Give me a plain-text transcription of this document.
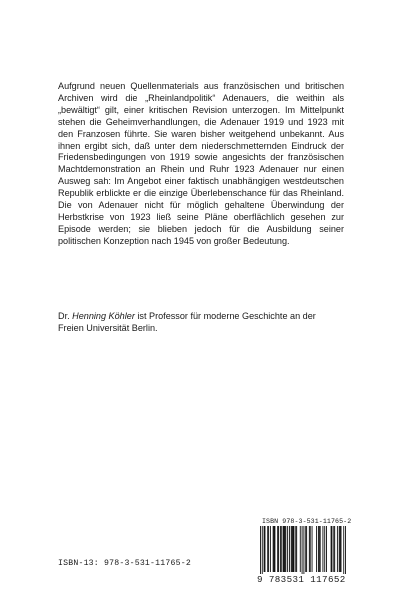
Aufgrund neuen Quellenmaterials aus französischen und britischen Archiven wird die „Rheinlandpolitik“ Adenauers, die weithin als „bewältigt“ gilt, einer kritischen Revision unterzogen. Im Mittelpunkt stehen die Geheimverhandlungen, die Adenauer 1919 und 1923 mit den Franzosen führte. Sie waren bisher weitgehend unbekannt. Aus ihnen ergibt sich, daß unter dem niederschmetternden Eindruck der Friedensbedingungen von 1919 sowie angesichts der französischen Machtdemonstration an Rhein und Ruhr 1923 Adenauer nur einen Ausweg sah: Im Angebot einer faktisch unabhängigen westdeutschen Republik erblickte er die einzige Überlebenschance für das Rheinland. Die von Adenauer nicht für möglich gehaltene Überwindung der Herbstkrise von 1923 ließ seine Pläne oberflächlich gesehen zur Episode werden; sie blieben jedoch für die Ausbildung seiner politischen Konzeption nach 1945 von großer Bedeutung.

Dr. Henning Köhler ist Professor für moderne Geschichte an der Freien Universität Berlin.

ISBN 978-3-531-11765-2
9 783531 117652
ISBN-13: 978-3-531-11765-2
